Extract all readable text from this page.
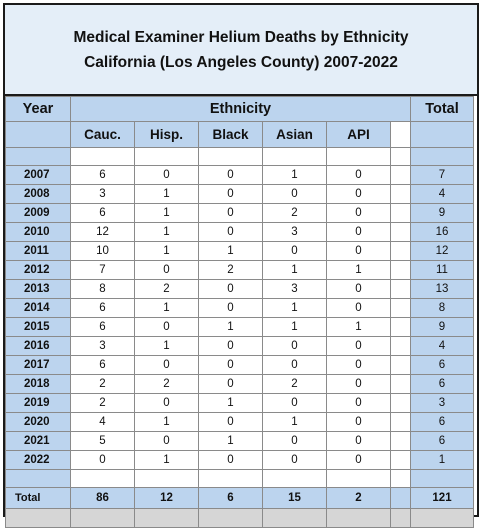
Medical Examiner Helium Deaths by Ethnicity
California (Los Angeles County) 2007-2022
Year	Ethnicity						Total
	Cauc.	Hisp.	Black	Asian	API		

2007	6	0	0	1	0		7
2008	3	1	0	0	0		4
2009	6	1	0	2	0		9
2010	12	1	0	3	0		16
2011	10	1	1	0	0		12
2012	7	0	2	1	1		11
2013	8	2	0	3	0		13
2014	6	1	0	1	0		8
2015	6	0	1	1	1		9
2016	3	1	0	0	0		4
2017	6	0	0	0	0		6
2018	2	2	0	2	0		6
2019	2	0	1	0	0		3
2020	4	1	0	1	0		6
2021	5	0	1	0	0		6
2022	0	1	0	0	0		1

Total	86	12	6	15	2		121
